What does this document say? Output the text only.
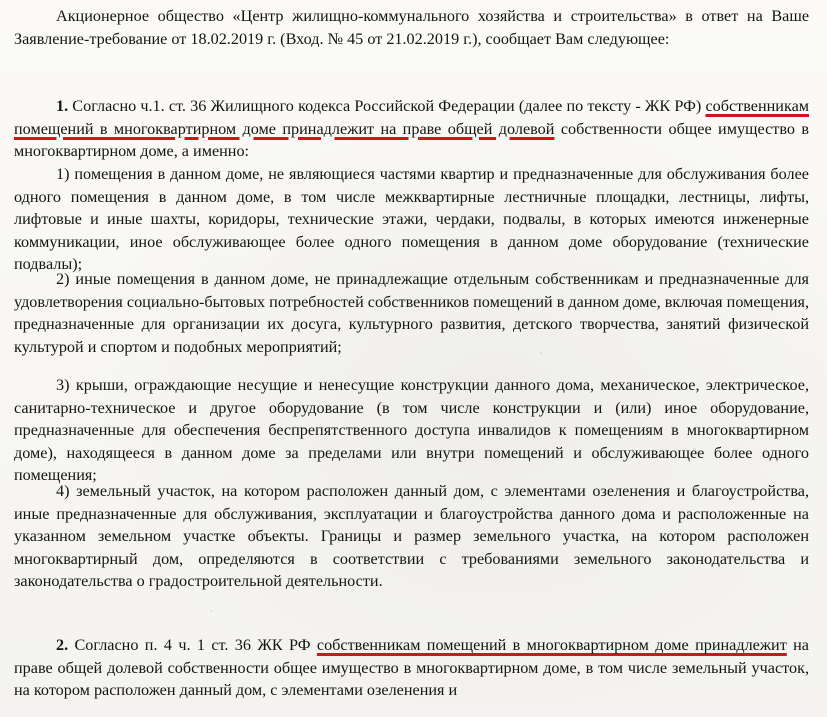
Акционерное общество «Центр жилищно-коммунального хозяйства и строительства» в ответ на Ваше Заявление-требование от 18.02.2019 г. (Вход. № 45 от 21.02.2019 г.), сообщает Вам следующее:

1. Согласно ч.1. ст. 36 Жилищного кодекса Российской Федерации (далее по тексту - ЖК РФ) собственникам помещений в многоквартирном доме принадлежит на праве общей долевой собственности общее имущество в многоквартирном доме, а именно:

1) помещения в данном доме, не являющиеся частями квартир и предназначенные для обслуживания более одного помещения в данном доме, в том числе межквартирные лестничные площадки, лестницы, лифты, лифтовые и иные шахты, коридоры, технические этажи, чердаки, подвалы, в которых имеются инженерные коммуникации, иное обслуживающее более одного помещения в данном доме оборудование (технические подвалы);

2) иные помещения в данном доме, не принадлежащие отдельным собственникам и предназначенные для удовлетворения социально-бытовых потребностей собственников помещений в данном доме, включая помещения, предназначенные для организации их досуга, культурного развития, детского творчества, занятий физической культурой и спортом и подобных мероприятий;

3) крыши, ограждающие несущие и ненесущие конструкции данного дома, механическое, электрическое, санитарно-техническое и другое оборудование (в том числе конструкции и (или) иное оборудование, предназначенные для обеспечения беспрепятственного доступа инвалидов к помещениям в многоквартирном доме), находящееся в данном доме за пределами или внутри помещений и обслуживающее более одного помещения;

4) земельный участок, на котором расположен данный дом, с элементами озеленения и благоустройства, иные предназначенные для обслуживания, эксплуатации и благоустройства данного дома и расположенные на указанном земельном участке объекты. Границы и размер земельного участка, на котором расположен многоквартирный дом, определяются в соответствии с требованиями земельного законодательства и законодательства о градостроительной деятельности.

2. Согласно п. 4 ч. 1 ст. 36 ЖК РФ собственникам помещений в многоквартирном доме принадлежит на праве общей долевой собственности общее имущество в многоквартирном доме, в том числе земельный участок, на котором расположен данный дом, с элементами озеленения и
